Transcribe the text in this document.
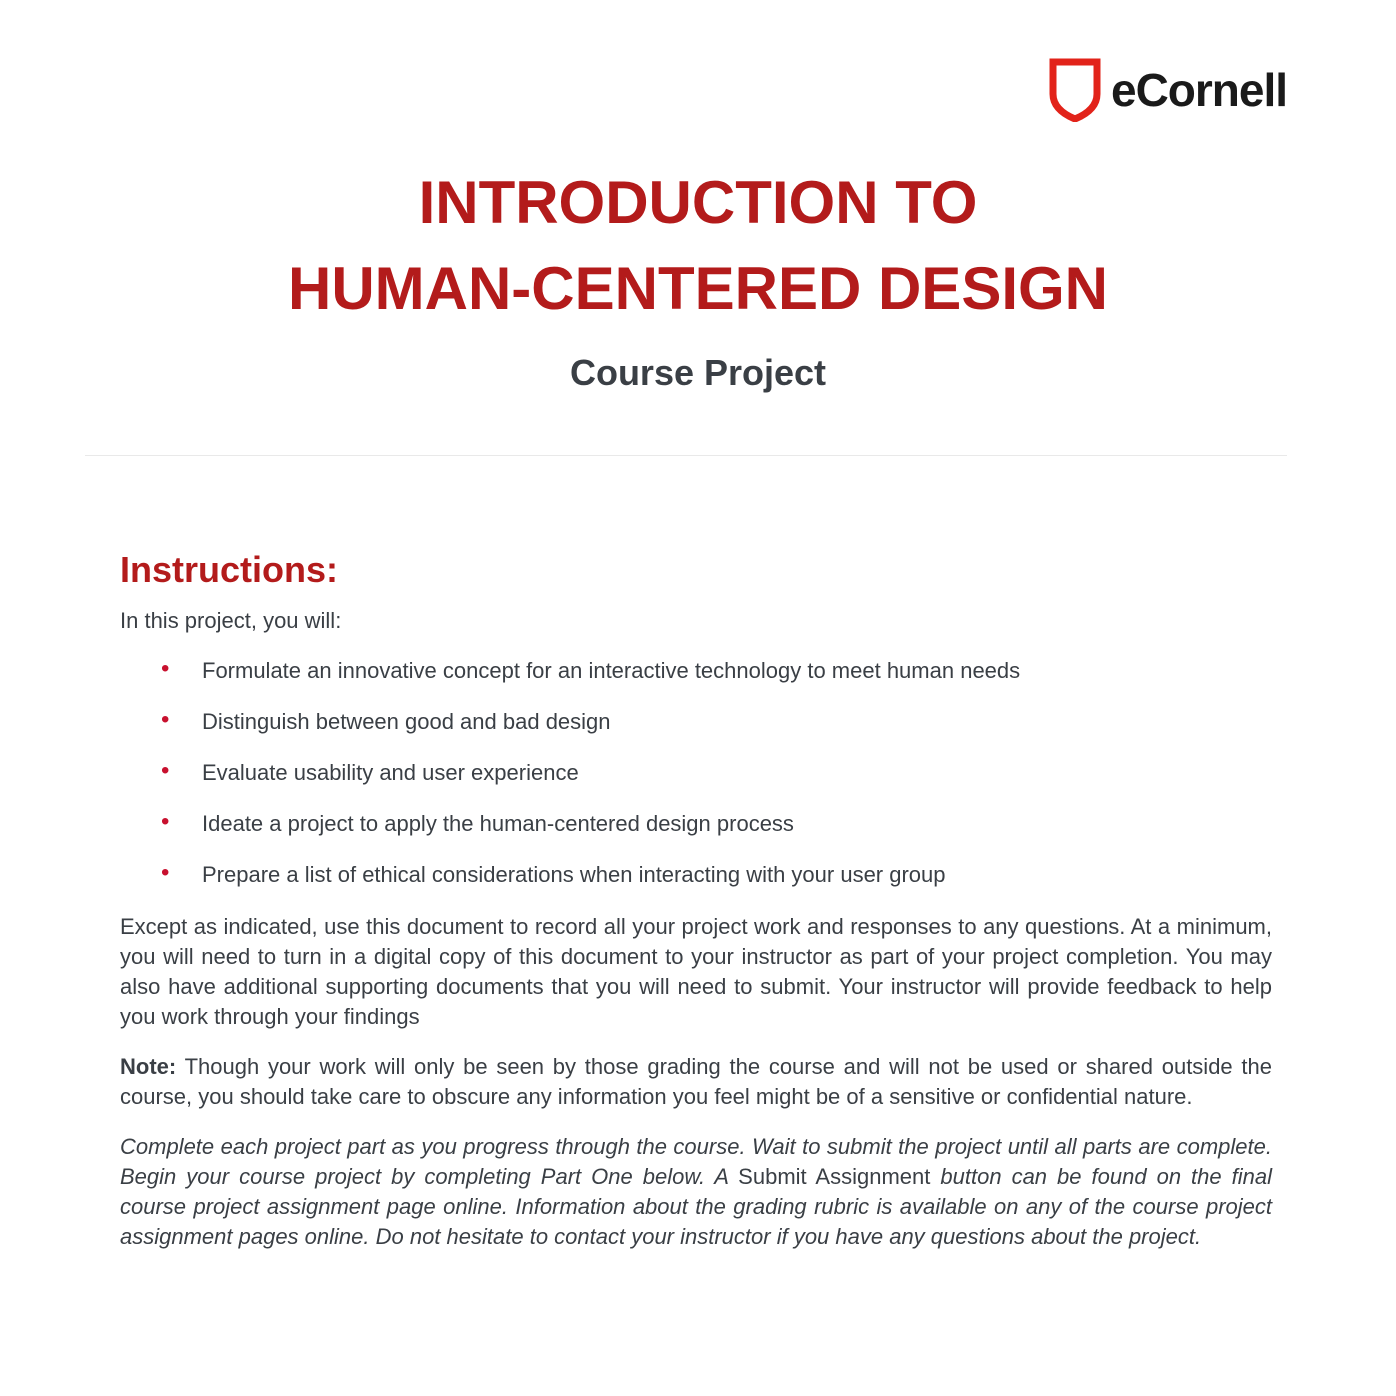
eCornell
INTRODUCTION TO
HUMAN-CENTERED DESIGN
Course Project
Instructions:

In this project, you will:

• Formulate an innovative concept for an interactive technology to meet human needs
• Distinguish between good and bad design
• Evaluate usability and user experience
• Ideate a project to apply the human-centered design process
• Prepare a list of ethical considerations when interacting with your user group

Except as indicated, use this document to record all your project work and responses to any questions. At a minimum, you will need to turn in a digital copy of this document to your instructor as part of your project completion. You may also have additional supporting documents that you will need to submit. Your instructor will provide feedback to help you work through your findings

Note: Though your work will only be seen by those grading the course and will not be used or shared outside the course, you should take care to obscure any information you feel might be of a sensitive or confidential nature.

Complete each project part as you progress through the course. Wait to submit the project until all parts are complete. Begin your course project by completing Part One below. A Submit Assignment button can be found on the final course project assignment page online. Information about the grading rubric is available on any of the course project assignment pages online. Do not hesitate to contact your instructor if you have any questions about the project.
